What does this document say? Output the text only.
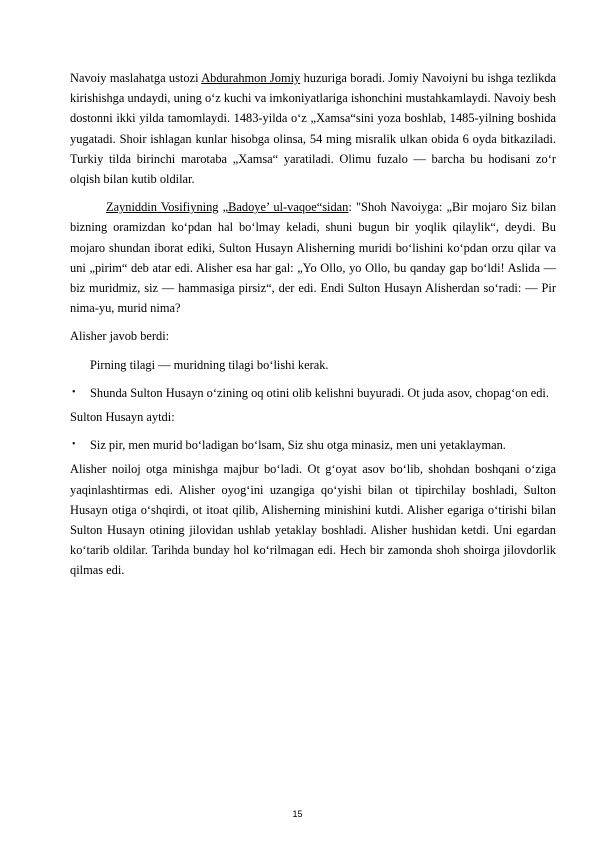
Navoiy maslahatga ustozi Abdurahmon Jomiy huzuriga boradi. Jomiy Navoiyni bu ishga tezlikda kirishishga undaydi, uning o‘z kuchi va imkoniyatlariga ishonchini mustahkamlaydi. Navoiy besh dostonni ikki yilda tamomlaydi. 1483-yilda o‘z „Xamsa“sini yoza boshlab, 1485-yilning boshida yugatadi. Shoir ishlagan kunlar hisobga olinsa, 54 ming misralik ulkan obida 6 oyda bitkaziladi. Turkiy tilda birinchi marotaba „Xamsa“ yaratiladi. Olimu fuzalo — barcha bu hodisani zo‘r olqish bilan kutib oldilar.

Zayniddin Vosifiyning „Badoye’ ul-vaqoe“sidan: "Shoh Navoiyga: „Bir mojaro Siz bilan bizning oramizdan ko‘pdan hal bo‘lmay keladi, shuni bugun bir yoqlik qilaylik“, deydi. Bu mojaro shundan iborat ediki, Sulton Husayn Alisherning muridi bo‘lishini ko‘pdan orzu qilar va uni „pirim“ deb atar edi. Alisher esa har gal: „Yo Ollo, yo Ollo, bu qanday gap bo‘ldi! Aslida — biz muridmiz, siz — hammasiga pirsiz“, der edi. Endi Sulton Husayn Alisherdan so‘radi: — Pir nima-yu, murid nima?

Alisher javob berdi:

Pirning tilagi — muridning tilagi bo‘lishi kerak.

• Shunda Sulton Husayn o‘zining oq otini olib kelishni buyuradi. Ot juda asov, chopag‘on edi.

Sulton Husayn aytdi:

• Siz pir, men murid bo‘ladigan bo‘lsam, Siz shu otga minasiz, men uni yetaklayman.

Alisher noiloj otga minishga majbur bo‘ladi. Ot g‘oyat asov bo‘lib, shohdan boshqani o‘ziga yaqinlashtirmas edi. Alisher oyog‘ini uzangiga qo‘yishi bilan ot tipirchilay boshladi, Sulton Husayn otiga o‘shqirdi, ot itoat qilib, Alisherning minishini kutdi. Alisher egariga o‘tirishi bilan Sulton Husayn otining jilovidan ushlab yetaklay boshladi. Alisher hushidan ketdi. Uni egardan ko‘tarib oldilar. Tarihda bunday hol ko‘rilmagan edi. Hech bir zamonda shoh shoirga jilovdorlik qilmas edi.

15
